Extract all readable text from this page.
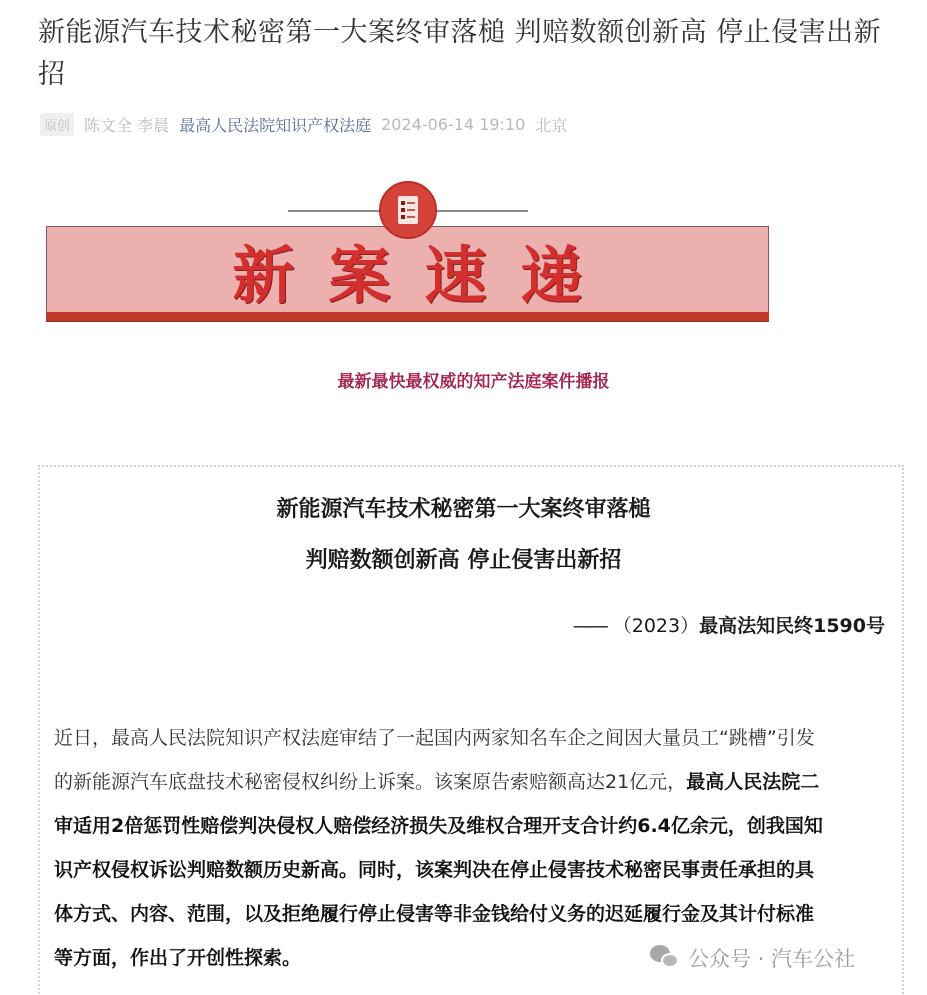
新能源汽车技术秘密第一大案终审落槌 判赔数额创新高 停止侵害出新招
原创 陈文全 李晨 最高人民法院知识产权法庭 2024-06-14 19:10 北京
新 案 速 递
最新最快最权威的知产法庭案件播报
新能源汽车技术秘密第一大案终审落槌
判赔数额创新高 停止侵害出新招
—— （2023）最高法知民终1590号
近日，最高人民法院知识产权法庭审结了一起国内两家知名车企之间因大量员工“跳槽”引发
的新能源汽车底盘技术秘密侵权纠纷上诉案。该案原告索赔额高达21亿元，最高人民法院二
审适用2倍惩罚性赔偿判决侵权人赔偿经济损失及维权合理开支合计约6.4亿余元，创我国知
识产权侵权诉讼判赔数额历史新高。同时，该案判决在停止侵害技术秘密民事责任承担的具
体方式、内容、范围，以及拒绝履行停止侵害等非金钱给付义务的迟延履行金及其计付标准
等方面，作出了开创性探索。	公众号 · 汽车公社
